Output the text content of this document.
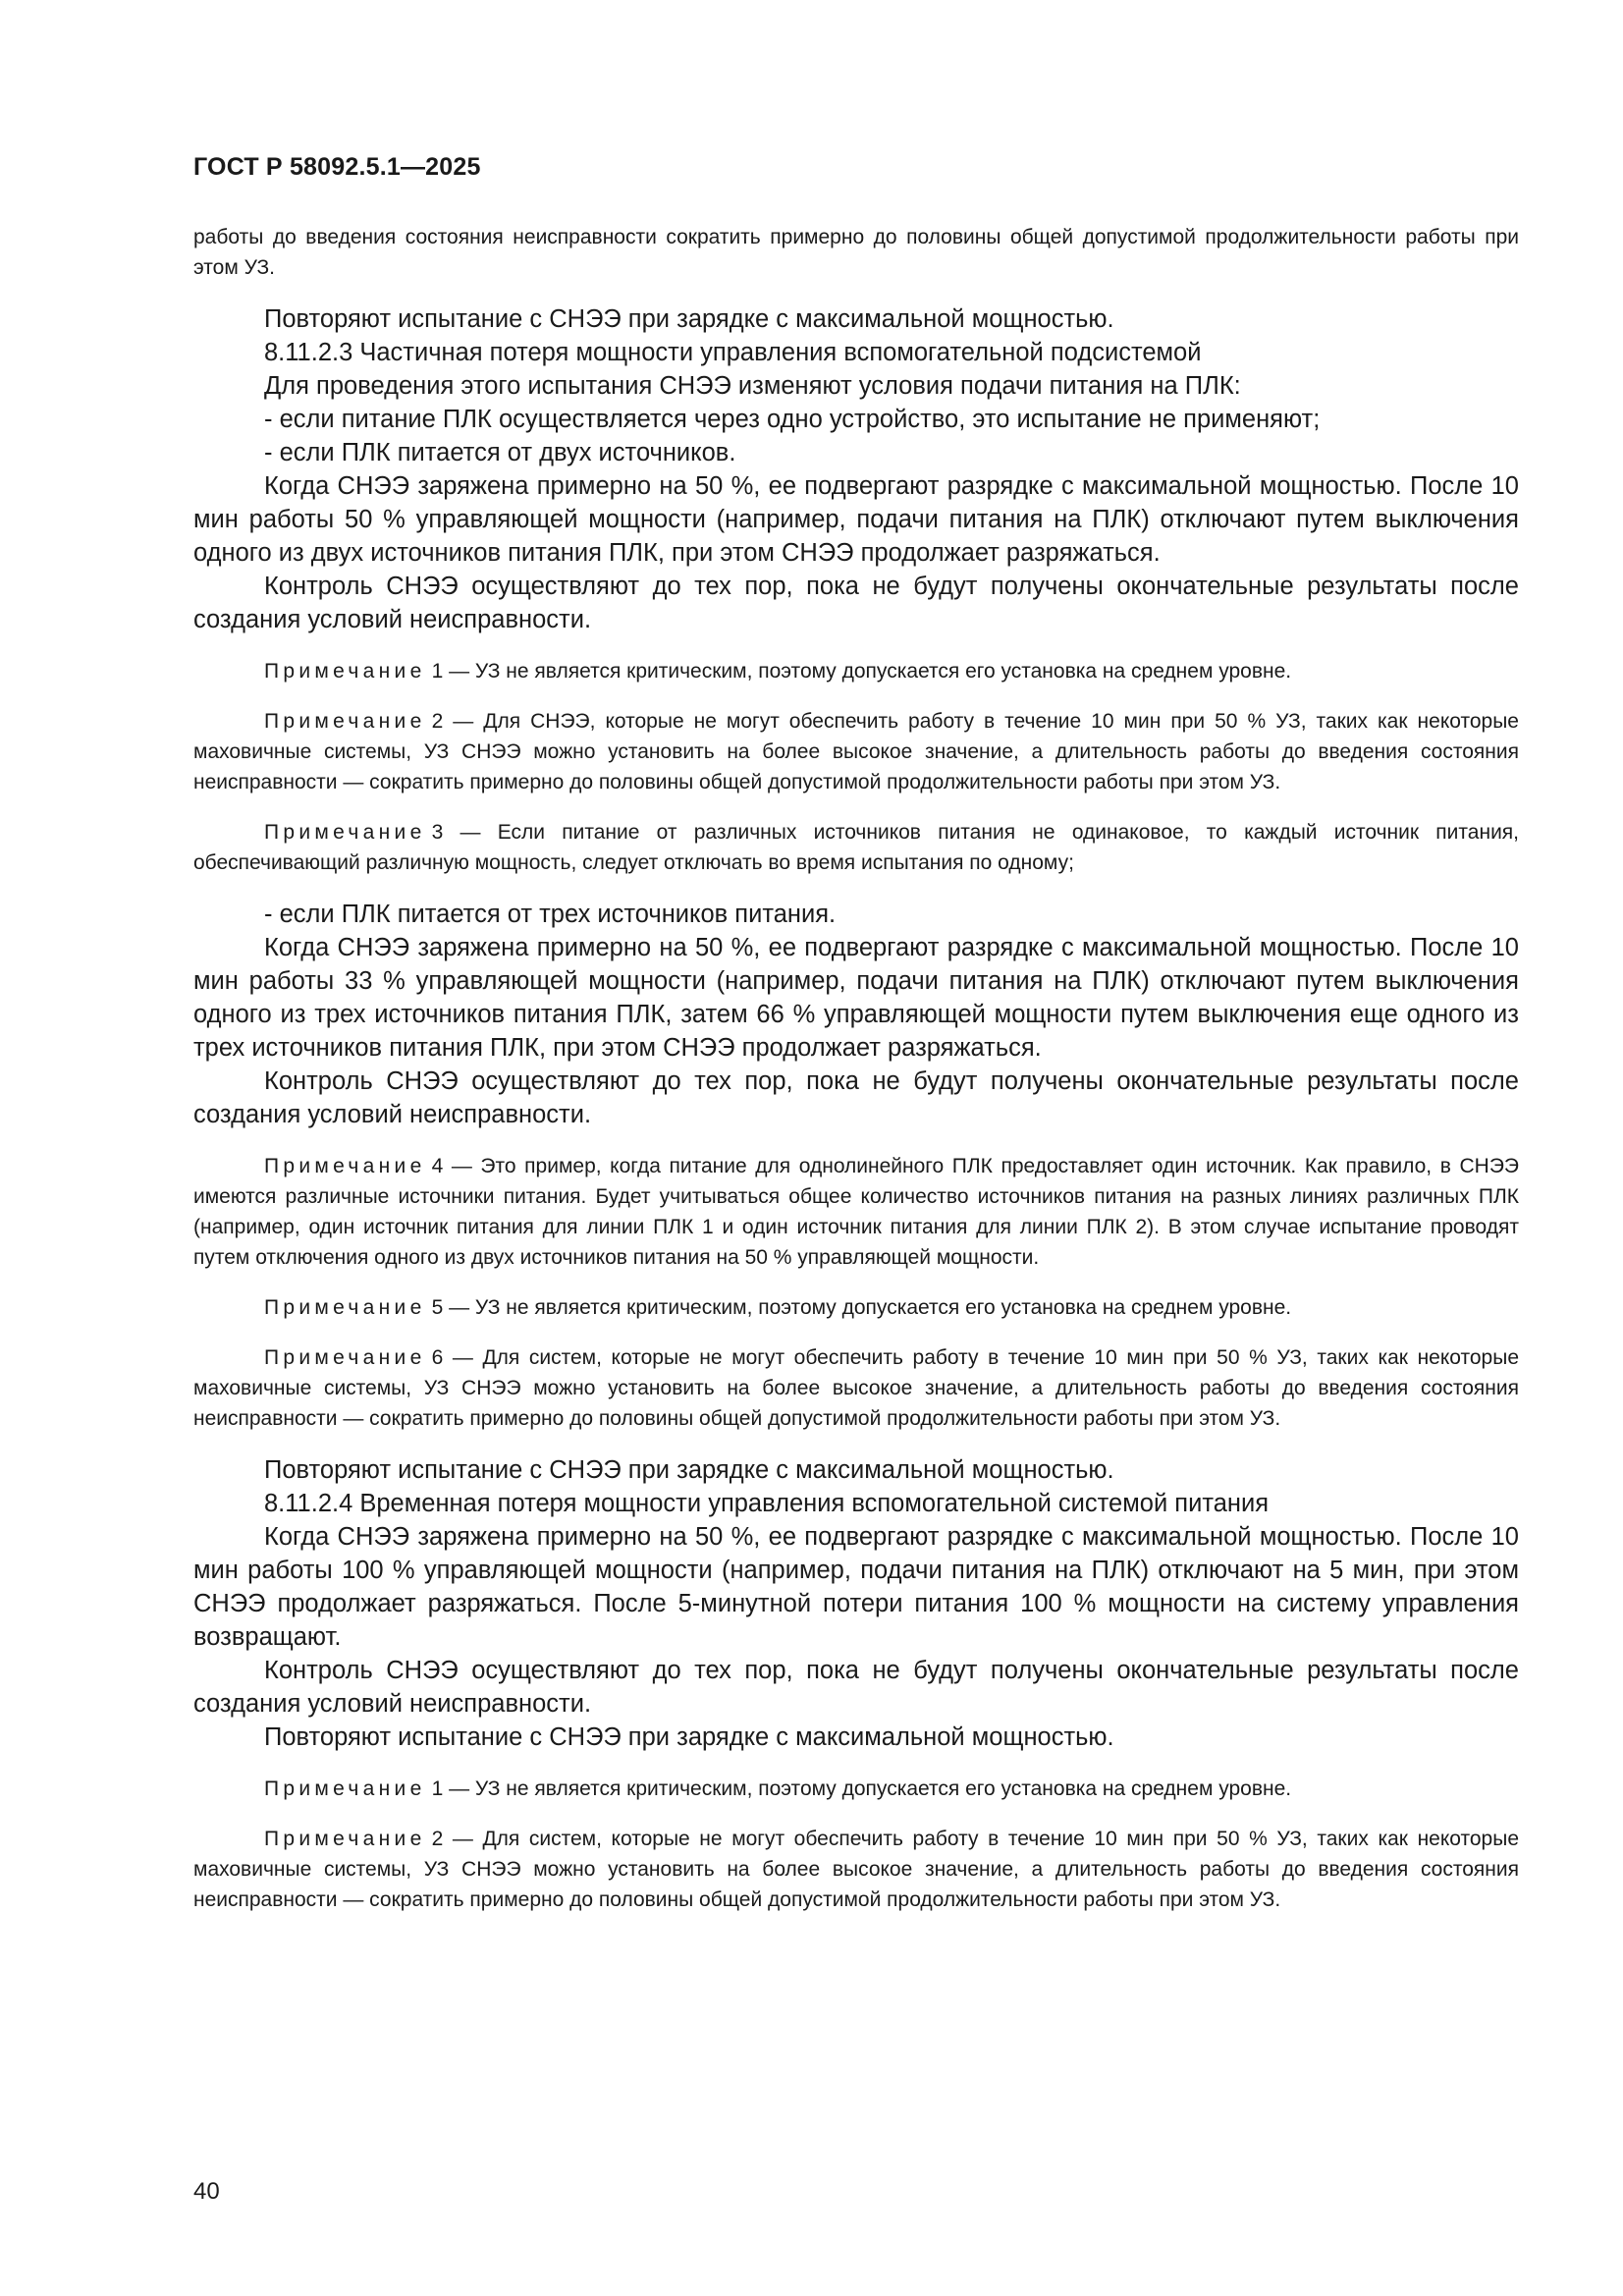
ГОСТ Р 58092.5.1—2025

работы до введения состояния неисправности сократить примерно до половины общей допустимой продолжительности работы при этом УЗ.

Повторяют испытание с СНЭЭ при зарядке с максимальной мощностью.

8.11.2.3 Частичная потеря мощности управления вспомогательной подсистемой

Для проведения этого испытания СНЭЭ изменяют условия подачи питания на ПЛК:

- если питание ПЛК осуществляется через одно устройство, это испытание не применяют;

- если ПЛК питается от двух источников.

Когда СНЭЭ заряжена примерно на 50 %, ее подвергают разрядке с максимальной мощностью. После 10 мин работы 50 % управляющей мощности (например, подачи питания на ПЛК) отключают путем выключения одного из двух источников питания ПЛК, при этом СНЭЭ продолжает разряжаться.

Контроль СНЭЭ осуществляют до тех пор, пока не будут получены окончательные результаты после создания условий неисправности.

Примечание 1 — УЗ не является критическим, поэтому допускается его установка на среднем уровне.

Примечание 2 — Для СНЭЭ, которые не могут обеспечить работу в течение 10 мин при 50 % УЗ, таких как некоторые маховичные системы, УЗ СНЭЭ можно установить на более высокое значение, а длительность работы до введения состояния неисправности — сократить примерно до половины общей допустимой продолжительности работы при этом УЗ.

Примечание 3 — Если питание от различных источников питания не одинаковое, то каждый источник питания, обеспечивающий различную мощность, следует отключать во время испытания по одному;

- если ПЛК питается от трех источников питания.

Когда СНЭЭ заряжена примерно на 50 %, ее подвергают разрядке с максимальной мощностью. После 10 мин работы 33 % управляющей мощности (например, подачи питания на ПЛК) отключают путем выключения одного из трех источников питания ПЛК, затем 66 % управляющей мощности путем выключения еще одного из трех источников питания ПЛК, при этом СНЭЭ продолжает разряжаться.

Контроль СНЭЭ осуществляют до тех пор, пока не будут получены окончательные результаты после создания условий неисправности.

Примечание 4 — Это пример, когда питание для однолинейного ПЛК предоставляет один источник. Как правило, в СНЭЭ имеются различные источники питания. Будет учитываться общее количество источников питания на разных линиях различных ПЛК (например, один источник питания для линии ПЛК 1 и один источник питания для линии ПЛК 2). В этом случае испытание проводят путем отключения одного из двух источников питания на 50 % управляющей мощности.

Примечание 5 — УЗ не является критическим, поэтому допускается его установка на среднем уровне.

Примечание 6 — Для систем, которые не могут обеспечить работу в течение 10 мин при 50 % УЗ, таких как некоторые маховичные системы, УЗ СНЭЭ можно установить на более высокое значение, а длительность работы до введения состояния неисправности — сократить примерно до половины общей допустимой продолжительности работы при этом УЗ.

Повторяют испытание с СНЭЭ при зарядке с максимальной мощностью.

8.11.2.4 Временная потеря мощности управления вспомогательной системой питания

Когда СНЭЭ заряжена примерно на 50 %, ее подвергают разрядке с максимальной мощностью. После 10 мин работы 100 % управляющей мощности (например, подачи питания на ПЛК) отключают на 5 мин, при этом СНЭЭ продолжает разряжаться. После 5-минутной потери питания 100 % мощности на систему управления возвращают.

Контроль СНЭЭ осуществляют до тех пор, пока не будут получены окончательные результаты после создания условий неисправности.

Повторяют испытание с СНЭЭ при зарядке с максимальной мощностью.

Примечание 1 — УЗ не является критическим, поэтому допускается его установка на среднем уровне.

Примечание 2 — Для систем, которые не могут обеспечить работу в течение 10 мин при 50 % УЗ, таких как некоторые маховичные системы, УЗ СНЭЭ можно установить на более высокое значение, а длительность работы до введения состояния неисправности — сократить примерно до половины общей допустимой продолжительности работы при этом УЗ.

40
